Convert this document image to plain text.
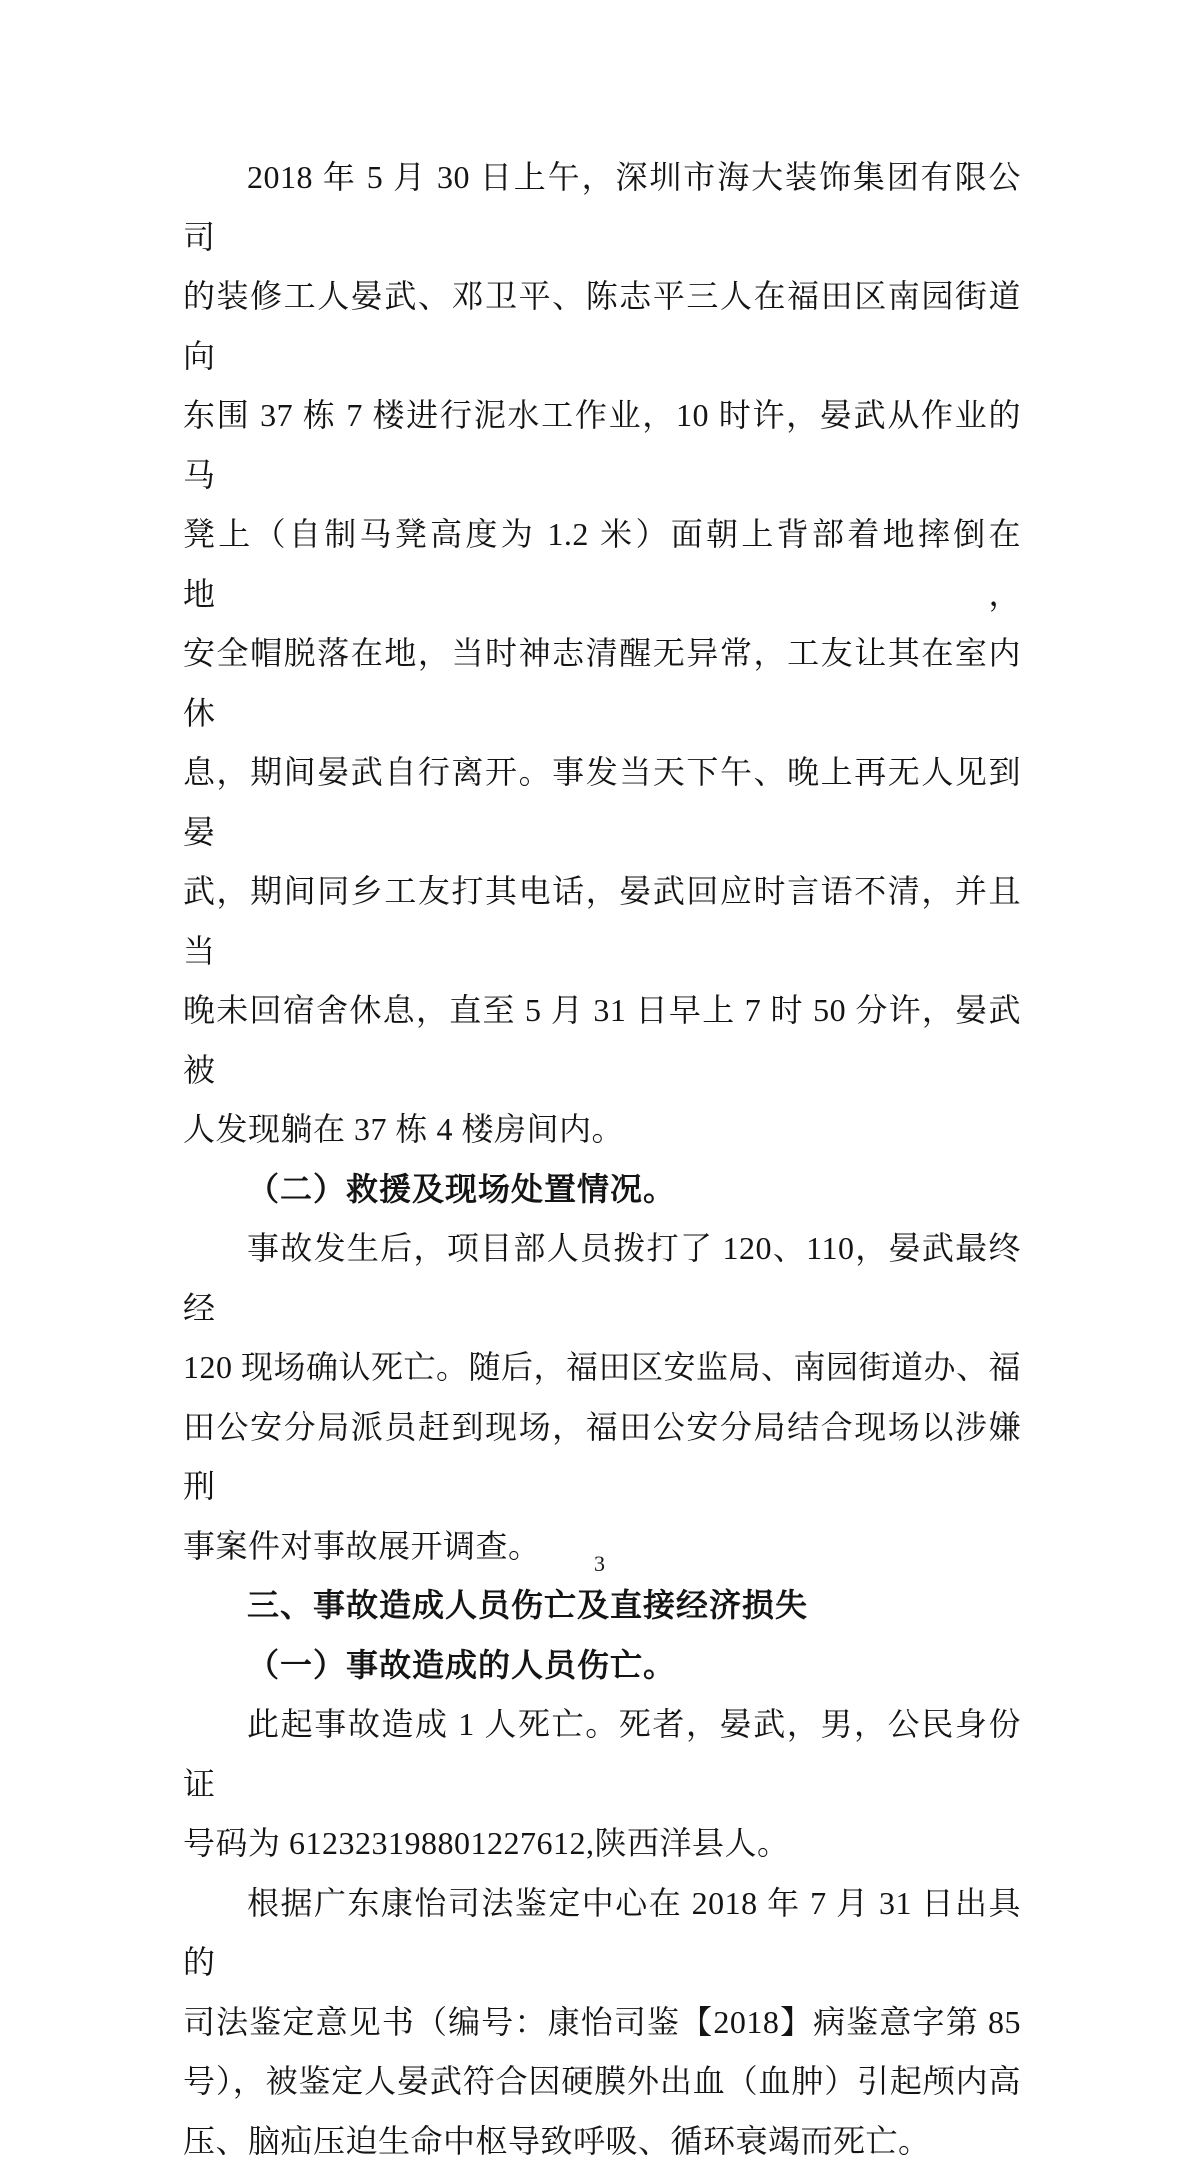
2018 年 5 月 30 日上午，深圳市海大装饰集团有限公司
的装修工人晏武、邓卫平、陈志平三人在福田区南园街道向
东围 37 栋 7 楼进行泥水工作业，10 时许，晏武从作业的马
凳上（自制马凳高度为 1.2 米）面朝上背部着地摔倒在地，
安全帽脱落在地，当时神志清醒无异常，工友让其在室内休
息，期间晏武自行离开。事发当天下午、晚上再无人见到晏
武，期间同乡工友打其电话，晏武回应时言语不清，并且当
晚未回宿舍休息，直至 5 月 31 日早上 7 时 50 分许，晏武被
人发现躺在 37 栋 4 楼房间内。
（二）救援及现场处置情况。
事故发生后，项目部人员拨打了 120、110，晏武最终经
120 现场确认死亡。随后，福田区安监局、南园街道办、福
田公安分局派员赶到现场，福田公安分局结合现场以涉嫌刑
事案件对事故展开调查。
三、事故造成人员伤亡及直接经济损失
（一）事故造成的人员伤亡。
此起事故造成 1 人死亡。死者，晏武，男，公民身份证
号码为 612323198801227612,陕西洋县人。
根据广东康怡司法鉴定中心在 2018 年 7 月 31 日出具的
司法鉴定意见书（编号：康怡司鉴【2018】病鉴意字第 85
号），被鉴定人晏武符合因硬膜外出血（血肿）引起颅内高
压、脑疝压迫生命中枢导致呼吸、循环衰竭而死亡。
3
